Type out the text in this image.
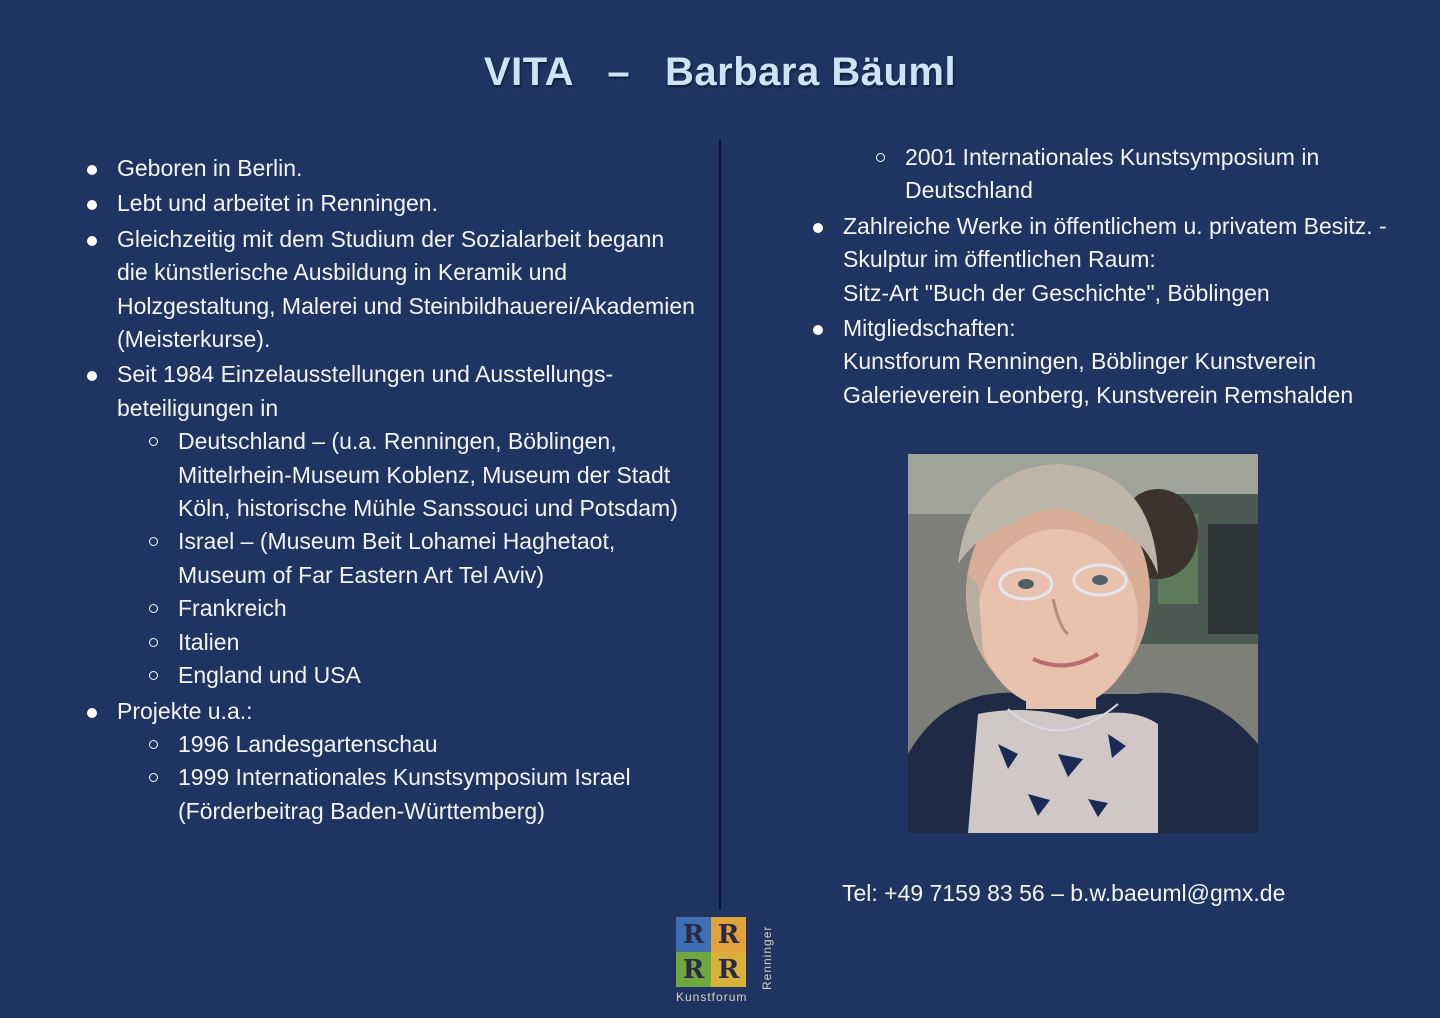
VITA   –   Barbara Bäuml
Geboren in Berlin.
Lebt und arbeitet in Renningen.
Gleichzeitig mit dem Studium der Sozialarbeit begann die künstlerische Ausbildung in Keramik und Holzgestaltung, Malerei und Steinbildhauerei/Akademien (Meisterkurse).
Seit 1984 Einzelausstellungen und Ausstellungs-beteiligungen in
Deutschland – (u.a. Renningen, Böblingen, Mittelrhein-Museum Koblenz, Museum der Stadt Köln, historische Mühle Sanssouci und Potsdam)
Israel – (Museum Beit Lohamei Haghetaot, Museum of Far Eastern Art Tel Aviv)
Frankreich
Italien
England und USA
Projekte u.a.:
1996 Landesgartenschau
1999 Internationales Kunstsymposium Israel (Förderbeitrag Baden-Württemberg)
2001 Internationales Kunstsymposium in Deutschland
Zahlreiche Werke in öffentlichem u. privatem Besitz. - Skulptur im öffentlichen Raum:
Sitz-Art "Buch der Geschichte", Böblingen
Mitgliedschaften:
Kunstforum Renningen, Böblinger Kunstverein
Galerieverein Leonberg, Kunstverein Remshalden
Tel: +49 7159 83 56 – b.w.baeuml@gmx.de
R R
R R	Renninger
Kunstforum
